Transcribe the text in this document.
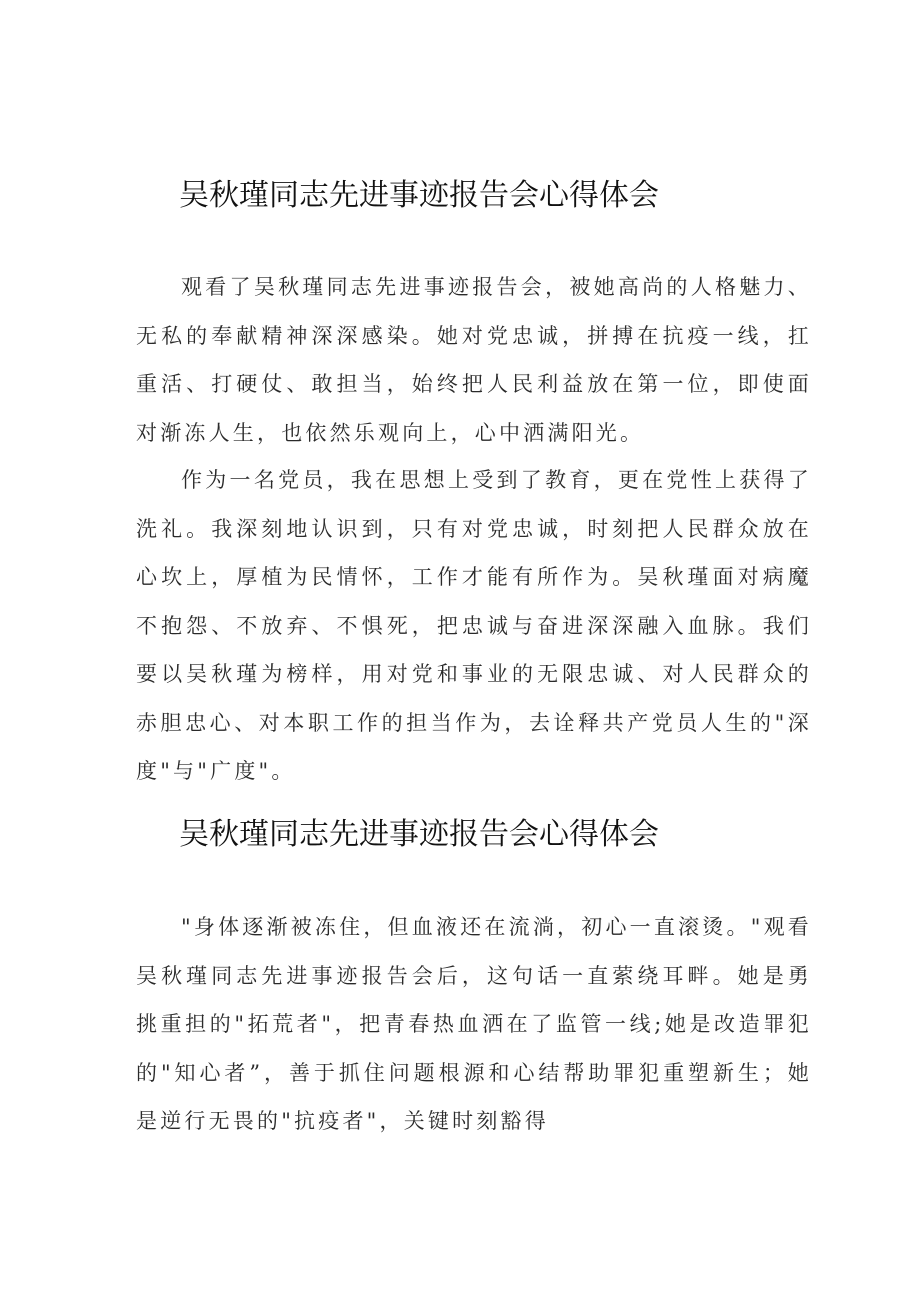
吴秋瑾同志先进事迹报告会心得体会

观看了吴秋瑾同志先进事迹报告会，被她高尚的人格魅力、无私的奉献精神深深感染。她对党忠诚，拼搏在抗疫一线，扛重活、打硬仗、敢担当，始终把人民利益放在第一位，即使面对渐冻人生，也依然乐观向上，心中洒满阳光。

作为一名党员，我在思想上受到了教育，更在党性上获得了洗礼。我深刻地认识到，只有对党忠诚，时刻把人民群众放在心坎上，厚植为民情怀，工作才能有所作为。吴秋瑾面对病魔不抱怨、不放弃、不惧死，把忠诚与奋进深深融入血脉。我们要以吴秋瑾为榜样，用对党和事业的无限忠诚、对人民群众的赤胆忠心、对本职工作的担当作为，去诠释共产党员人生的"深度"与"广度"。

吴秋瑾同志先进事迹报告会心得体会

"身体逐渐被冻住，但血液还在流淌，初心一直滚烫。"观看吴秋瑾同志先进事迹报告会后，这句话一直萦绕耳畔。她是勇挑重担的"拓荒者"，把青春热血洒在了监管一线;她是改造罪犯的"知心者”，善于抓住问题根源和心结帮助罪犯重塑新生；她是逆行无畏的"抗疫者"，关键时刻豁得
